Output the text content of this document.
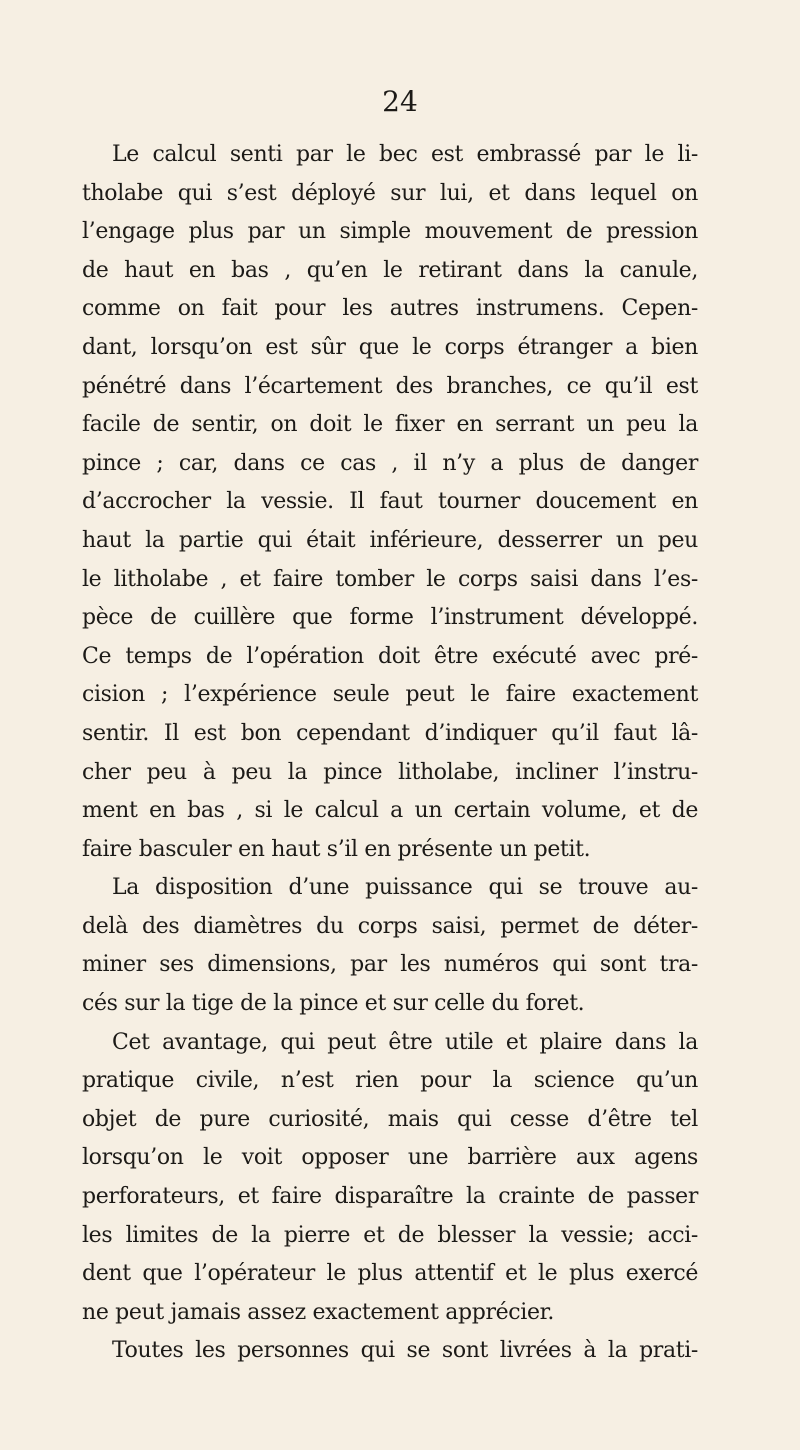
24
Le calcul senti par le bec est embrassé par le li-
tholabe qui s’est déployé sur lui, et dans lequel on
l’engage plus par un simple mouvement de pression
de haut en bas , qu’en le retirant dans la canule,
comme on fait pour les autres instrumens. Cepen-
dant, lorsqu’on est sûr que le corps étranger a bien
pénétré dans l’écartement des branches, ce qu’il est
facile de sentir, on doit le fixer en serrant un peu la
pince ; car, dans ce cas , il n’y a plus de danger
d’accrocher la vessie. Il faut tourner doucement en
haut la partie qui était inférieure, desserrer un peu
le litholabe , et faire tomber le corps saisi dans l’es-
pèce de cuillère que forme l’instrument développé.
Ce temps de l’opération doit être exécuté avec pré-
cision ; l’expérience seule peut le faire exactement
sentir. Il est bon cependant d’indiquer qu’il faut lâ-
cher peu à peu la pince litholabe, incliner l’instru-
ment en bas , si le calcul a un certain volume, et de
faire basculer en haut s’il en présente un petit.
La disposition d’une puissance qui se trouve au-
delà des diamètres du corps saisi, permet de déter-
miner ses dimensions, par les numéros qui sont tra-
cés sur la tige de la pince et sur celle du foret.
Cet avantage, qui peut être utile et plaire dans la
pratique civile, n’est rien pour la science qu’un
objet de pure curiosité, mais qui cesse d’être tel
lorsqu’on le voit opposer une barrière aux agens
perforateurs, et faire disparaître la crainte de passer
les limites de la pierre et de blesser la vessie; acci-
dent que l’opérateur le plus attentif et le plus exercé
ne peut jamais assez exactement apprécier.
Toutes les personnes qui se sont livrées à la prati-
